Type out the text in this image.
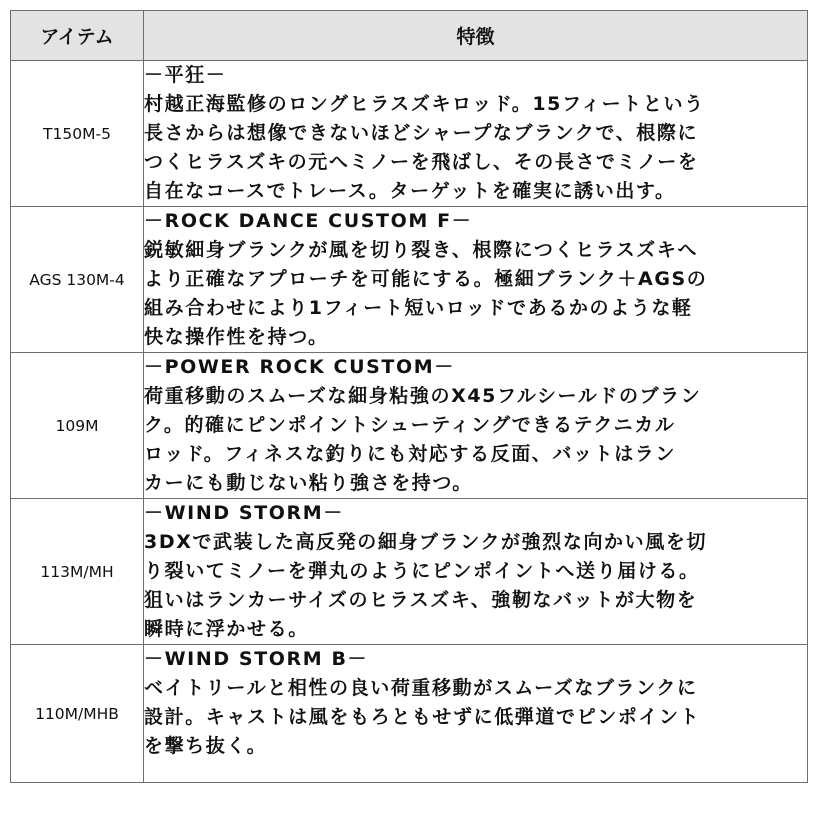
アイテム	特徴
T150M-5	－平狂－
村越正海監修のロングヒラスズキロッド。15フィートという
長さからは想像できないほどシャープなブランクで、根際に
つくヒラスズキの元へミノーを飛ばし、その長さでミノーを
自在なコースでトレース。ターゲットを確実に誘い出す。

AGS 130M-4	－ROCK DANCE CUSTOM F－
鋭敏細身ブランクが風を切り裂き、根際につくヒラスズキへ
より正確なアプローチを可能にする。極細ブランク＋AGSの
組み合わせにより1フィート短いロッドであるかのような軽
快な操作性を持つ。

109M	－POWER ROCK CUSTOM－
荷重移動のスムーズな細身粘強のX45フルシールドのブラン
ク。的確にピンポイントシューティングできるテクニカル
ロッド。フィネスな釣りにも対応する反面、バットはラン
カーにも動じない粘り強さを持つ。

113M/MH	－WIND STORM－
3DXで武装した高反発の細身ブランクが強烈な向かい風を切
り裂いてミノーを弾丸のようにピンポイントへ送り届ける。
狙いはランカーサイズのヒラスズキ、強靭なバットが大物を
瞬時に浮かせる。

110M/MHB	－WIND STORM B－
ベイトリールと相性の良い荷重移動がスムーズなブランクに
設計。キャストは風をもろともせずに低弾道でピンポイント
を撃ち抜く。
